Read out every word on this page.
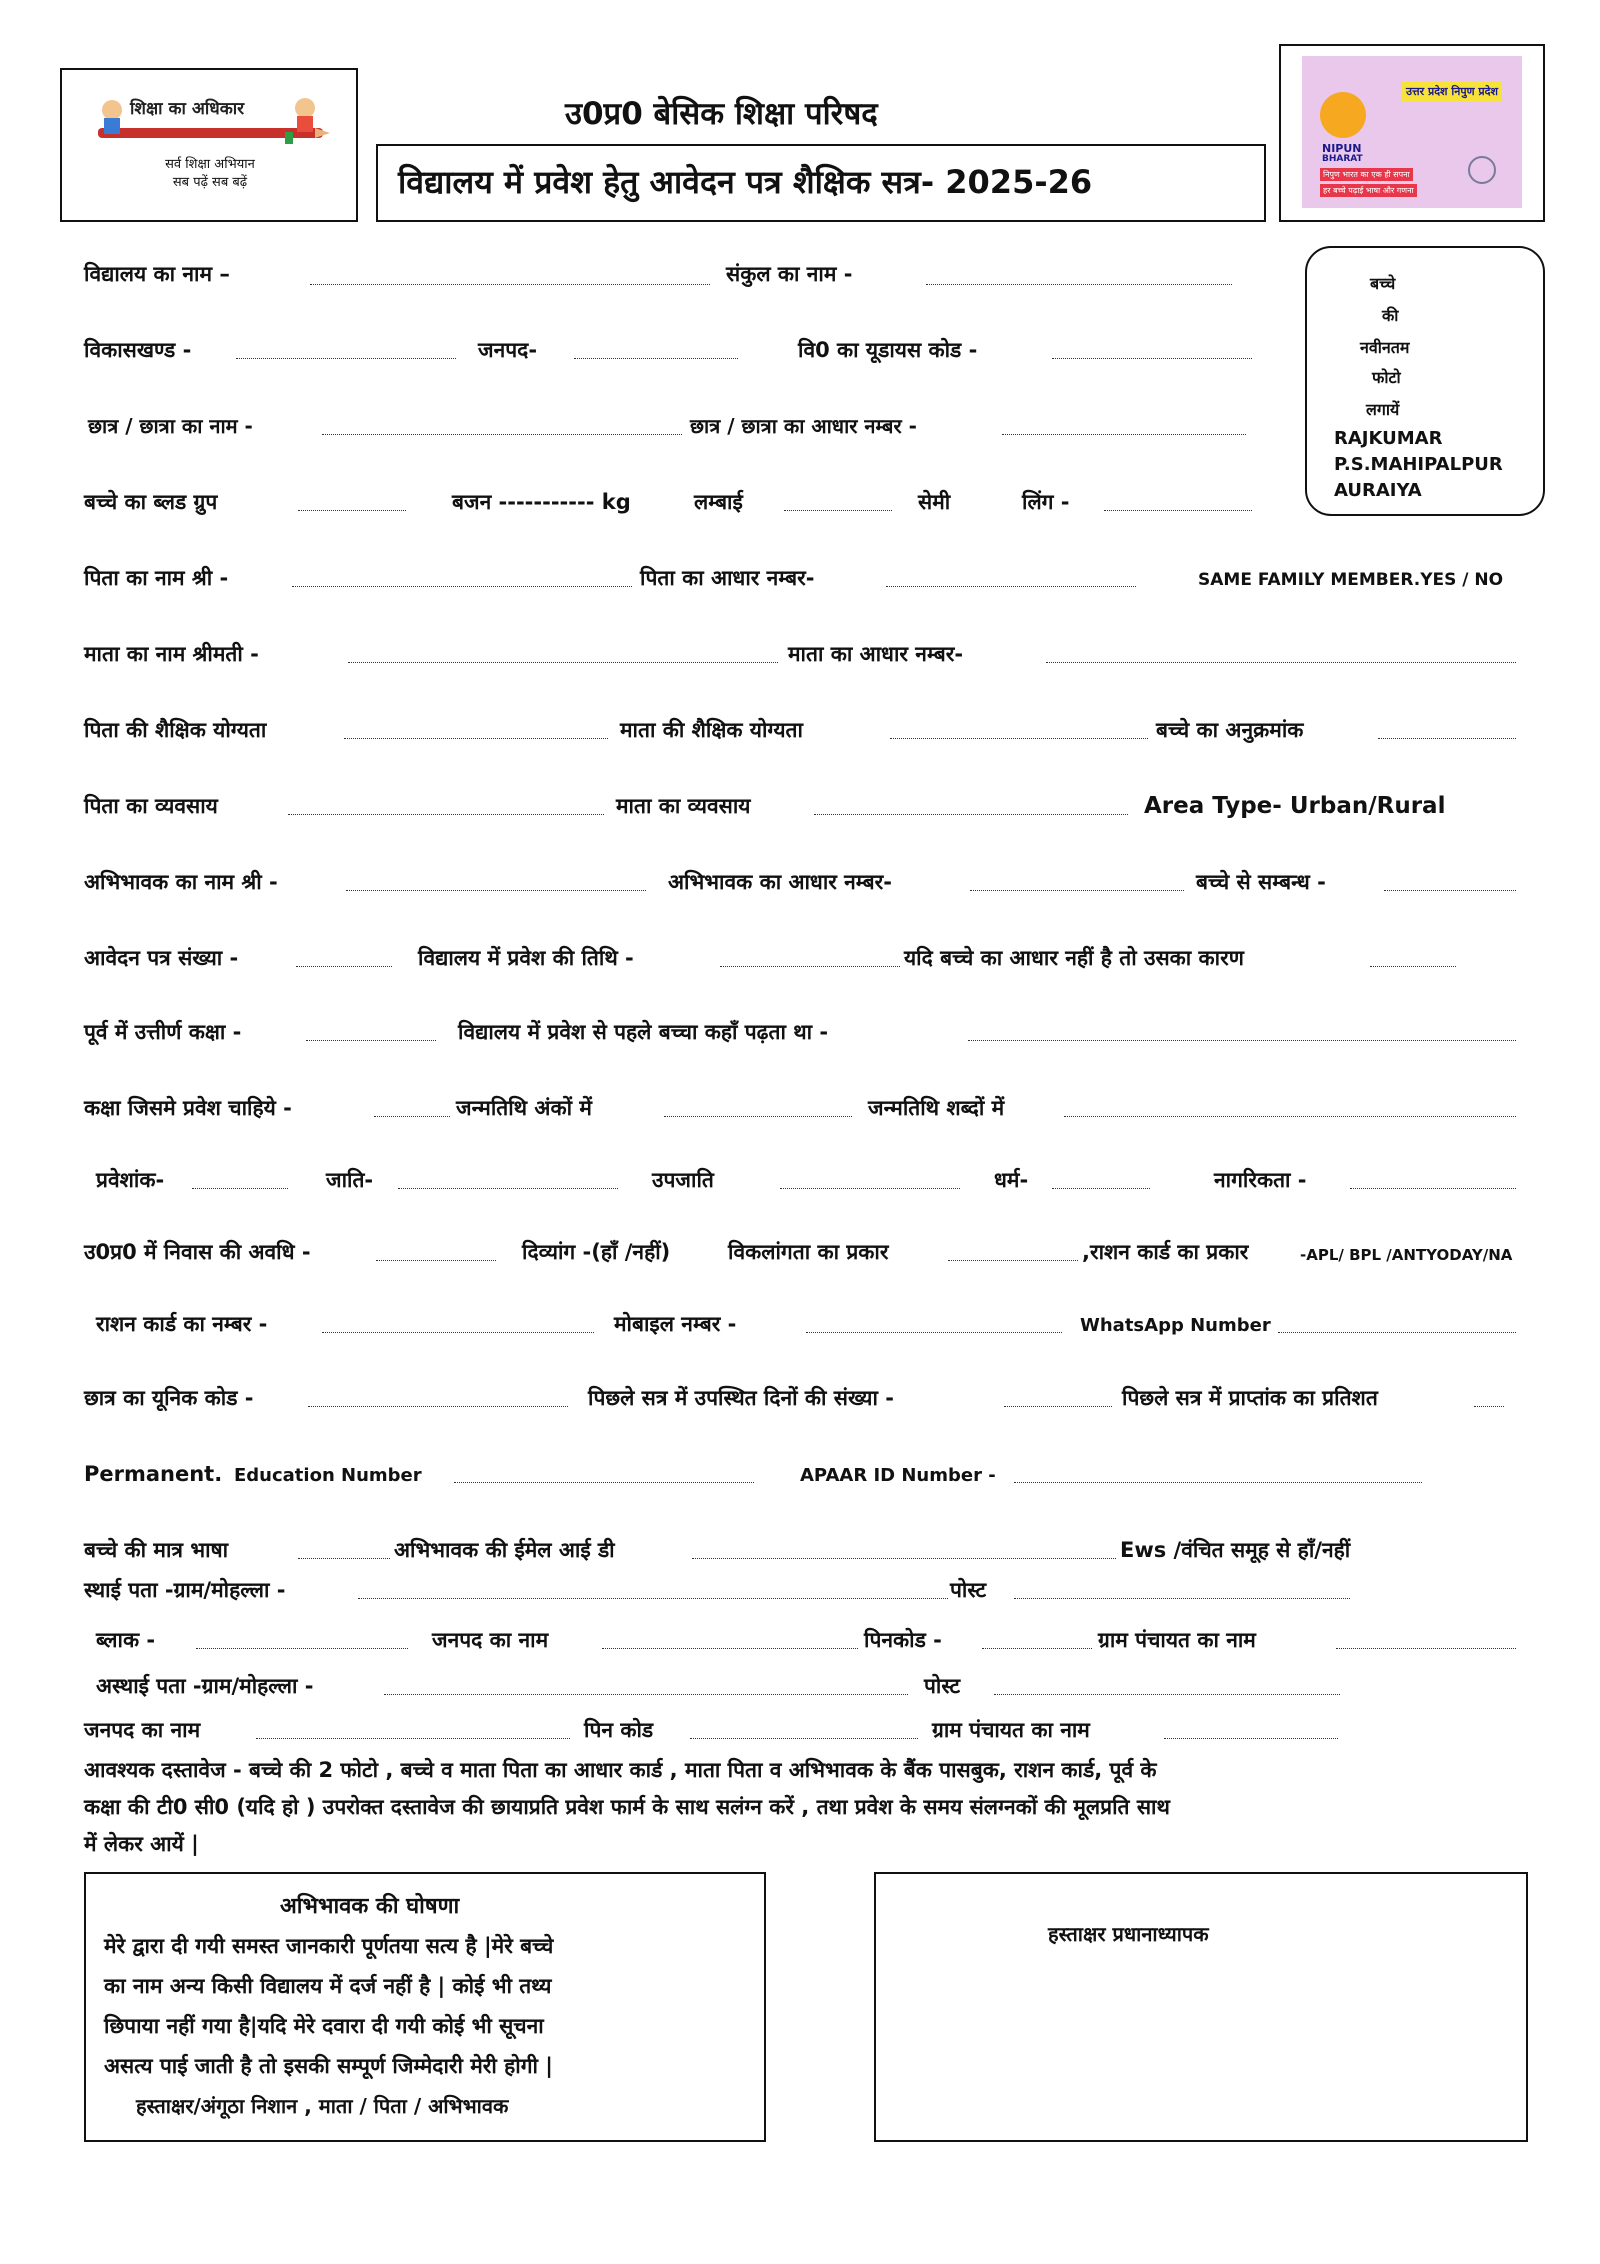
शिक्षा का अधिकार
सर्व शिक्षा अभियान
सब पढ़ें सब बढ़ें
उ0प्र0 बेसिक शिक्षा परिषद
विद्यालय में प्रवेश हेतु आवेदन पत्र शैक्षिक सत्र- 2025-26
उत्तर प्रदेश निपुण प्रदेश
NIPUN
BHARAT
निपुण भारत का एक ही सपना
हर बच्चे पढ़ाई भाषा और गणना
बच्चे
की
नवीनतम
फोटो
लगायें
RAJKUMAR
P.S.MAHIPALPUR
AURAIYA
विद्यालय का नाम –	संकुल का नाम -
विकासखण्ड -	जनपद-	वि0 का यूडायस कोड -
छात्र / छात्रा का नाम -	छात्र / छात्रा का आधार नम्बर -
बच्चे का ब्लड ग्रुप	बजन ----------- kg	लम्बाई	सेमी	लिंग -
पिता का नाम श्री -	पिता का आधार नम्बर-	SAME FAMILY MEMBER.YES / NO
माता का नाम श्रीमती -	माता का आधार नम्बर-
पिता की शैक्षिक योग्यता	माता की शैक्षिक योग्यता	बच्चे का अनुक्रमांक
पिता का व्यवसाय	माता का व्यवसाय	Area Type- Urban/Rural
अभिभावक का नाम श्री -	अभिभावक का आधार नम्बर-	बच्चे से सम्बन्ध -
आवेदन पत्र संख्या -	विद्यालय में प्रवेश की तिथि -	यदि बच्चे का आधार नहीं है तो उसका कारण
पूर्व में उत्तीर्ण कक्षा -	विद्यालय में प्रवेश से पहले बच्चा कहाँ पढ़ता था -
कक्षा जिसमे प्रवेश चाहिये -	जन्मतिथि अंकों में	जन्मतिथि शब्दों में
प्रवेशांक-	जाति-	उपजाति	धर्म-	नागरिकता -
उ0प्र0 में निवास की अवधि -	दिव्यांग -(हाँ /नहीं)	विकलांगता का प्रकार	,राशन कार्ड का प्रकार	-APL/ BPL /ANTYODAY/NA
राशन कार्ड का नम्बर -	मोबाइल नम्बर -	WhatsApp Number
छात्र का यूनिक कोड -	पिछले सत्र में उपस्थित दिनों की संख्या -	पिछले सत्र में प्राप्तांक का प्रतिशत
Permanent. Education Number	APAAR ID Number -
बच्चे की मात्र भाषा	अभिभावक की ईमेल आई डी	Ews /वंचित समूह से हाँ/नहीं
स्थाई पता -ग्राम/मोहल्ला -	पोस्ट
ब्लाक -	जनपद का नाम	पिनकोड -	ग्राम पंचायत का नाम
अस्थाई पता -ग्राम/मोहल्ला -	पोस्ट
जनपद का नाम	पिन कोड	ग्राम पंचायत का नाम
आवश्यक दस्तावेज - बच्चे की 2 फोटो , बच्चे व माता पिता का आधार कार्ड , माता पिता व अभिभावक के बैंक पासबुक, राशन कार्ड, पूर्व के
कक्षा की टी0 सी0 (यदि हो ) उपरोक्त दस्तावेज की छायाप्रति प्रवेश फार्म के साथ सलंग्न करें , तथा प्रवेश के समय संलग्नकों की मूलप्रति साथ
में लेकर आयें |
अभिभावक की घोषणा
मेरे द्वारा दी गयी समस्त जानकारी पूर्णतया सत्य है |मेरे बच्चे
का नाम अन्य किसी विद्यालय में दर्ज नहीं है | कोई भी तथ्य
छिपाया नहीं गया है|यदि मेरे दवारा दी गयी कोई भी सूचना
असत्य पाई जाती है तो इसकी सम्पूर्ण जिम्मेदारी मेरी होगी |
हस्ताक्षर/अंगूठा निशान , माता / पिता / अभिभावक
हस्ताक्षर प्रधानाध्यापक
